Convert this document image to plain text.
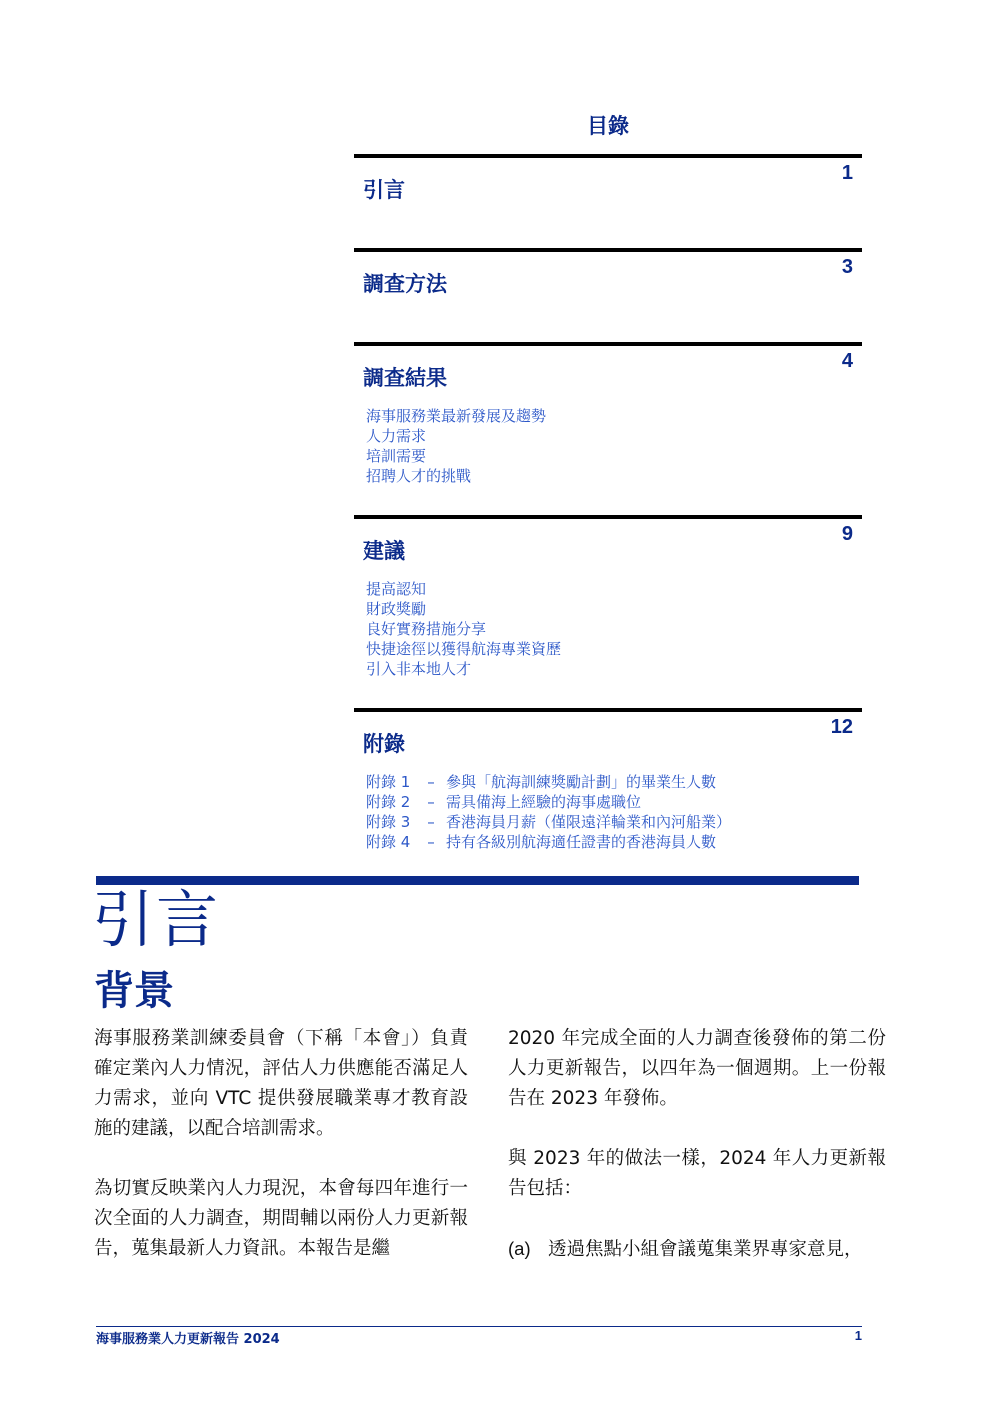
目錄
引言
1
調查方法
3
調查結果
4
海事服務業最新發展及趨勢
人力需求
培訓需要
招聘人才的挑戰
建議
9
提高認知
財政獎勵
良好實務措施分享
快捷途徑以獲得航海專業資歷
引入非本地人才
附錄
12
附錄 1 – 參與「航海訓練獎勵計劃」的畢業生人數
附錄 2 – 需具備海上經驗的海事處職位
附錄 3 – 香港海員月薪（僅限遠洋輪業和內河船業）
附錄 4 – 持有各級別航海適任證書的香港海員人數
引言
背景

海事服務業訓練委員會（下稱「本會」）負責確定業內人力情況，評估人力供應能否滿足人力需求，並向 VTC 提供發展職業專才教育設施的建議，以配合培訓需求。

為切實反映業內人力現況，本會每四年進行一次全面的人力調查，期間輔以兩份人力更新報告，蒐集最新人力資訊。本報告是繼

2020 年完成全面的人力調查後發佈的第二份人力更新報告，以四年為一個週期。上一份報告在 2023 年發佈。

與 2023 年的做法一樣，2024 年人力更新報告包括：

(a) 透過焦點小組會議蒐集業界專家意見，

海事服務業人力更新報告 2024	1
